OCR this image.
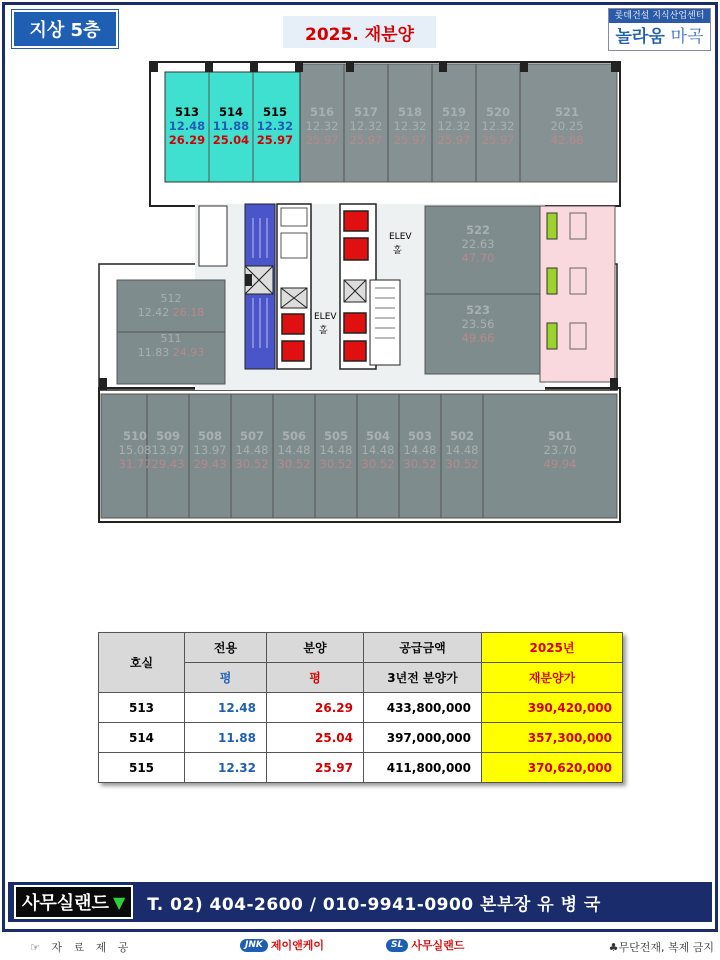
지상 5층	2025. 재분양
롯데건설 지식산업센터
놀라움 마곡
ELEV
홀
ELEV
홀
513
12.48
26.29
514
11.88
25.04
515
12.32
25.97
516
12.32
25.97
517
12.32
25.97
518
12.32
25.97
519
12.32
25.97
520
12.32
25.97
521
20.25
42.68
522
22.63
47.70
523
23.56
49.66
512
12.42 26.18
511
11.83 24.93
510
15.08
31.77
509
13.97
29.43
508
13.97
29.43
507
14.48
30.52
506
14.48
30.52
505
14.48
30.52
504
14.48
30.52
503
14.48
30.52
502
14.48
30.52
501
23.70
49.94
호실	전용	분양	공급금액	2025년
	평	평	3년전 분양가	재분양가
513	12.48	26.29	433,800,000	390,420,000
514	11.88	25.04	397,000,000	357,300,000
515	12.32	25.97	411,800,000	370,620,000
사무실랜드 ▼ T. 02) 404-2600 / 010-9941-0900 본부장 유 병 국
☞ 자 료 제 공	JNK 제이앤케이	SL 사무실랜드	♣무단전재, 복제 금지
